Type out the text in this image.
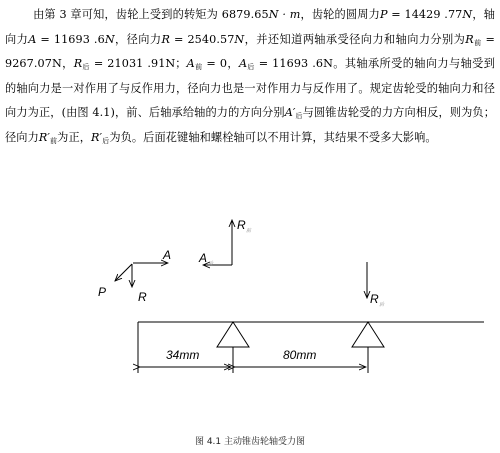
由第 3 章可知，齿轮上受到的转矩为 6879.65N · m，齿轮的圆周力P = 14429 .77N，轴向力A = 11693 .6N，径向力R = 2540.57N，并还知道两轴承受径向力和轴向力分别为$R_前 = 9267.07N$，$R_后 = 21031$ .91N；$A_前 = 0$，$A_后 = 11693$ .6N。其轴承所受的轴向力与轴受到的轴向力是一对作用了与反作用力，径向力也是一对作用力与反作用了。规定齿轮受的轴向力和径向力为正，(由图 4.1)，前、后轴承给轴的力的方向分别$A'_后$与圆锥齿轮受的力方向相反，则为负；径向力$R'_前$为正，$R'_后$为负。后面花键轴和螺栓轴可以不用计算，其结果不受多大影响。
A A 后
R 前
P	R	R 后
34mm	80mm
图 4.1 主动锥齿轮轴受力图
